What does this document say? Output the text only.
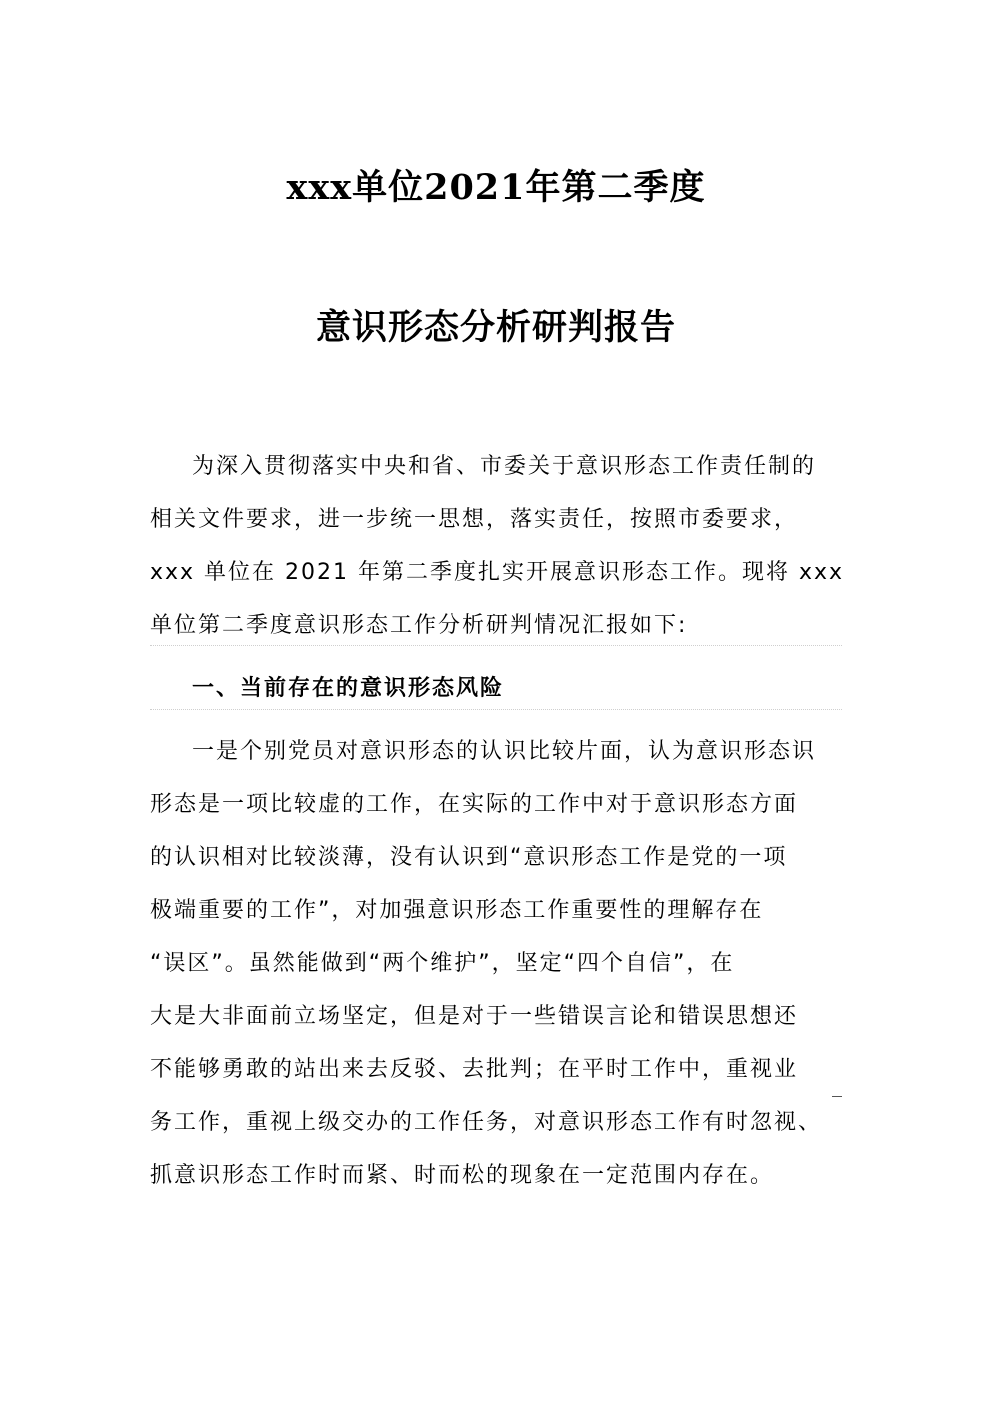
xxx单位2021年第二季度
意识形态分析研判报告
为深入贯彻落实中央和省、市委关于意识形态工作责任制的
相关文件要求，进一步统一思想，落实责任，按照市委要求，
xxx 单位在 2021 年第二季度扎实开展意识形态工作。现将 xxx
单位第二季度意识形态工作分析研判情况汇报如下:
一、当前存在的意识形态风险
一是个别党员对意识形态的认识比较片面，认为意识形态识
形态是一项比较虚的工作，在实际的工作中对于意识形态方面
的认识相对比较淡薄，没有认识到“意识形态工作是党的一项
极端重要的工作”，对加强意识形态工作重要性的理解存在
“误区”。虽然能做到“两个维护”，坚定“四个自信”，在
大是大非面前立场坚定，但是对于一些错误言论和错误思想还
不能够勇敢的站出来去反驳、去批判；在平时工作中，重视业
务工作，重视上级交办的工作任务，对意识形态工作有时忽视、
抓意识形态工作时而紧、时而松的现象在一定范围内存在。
